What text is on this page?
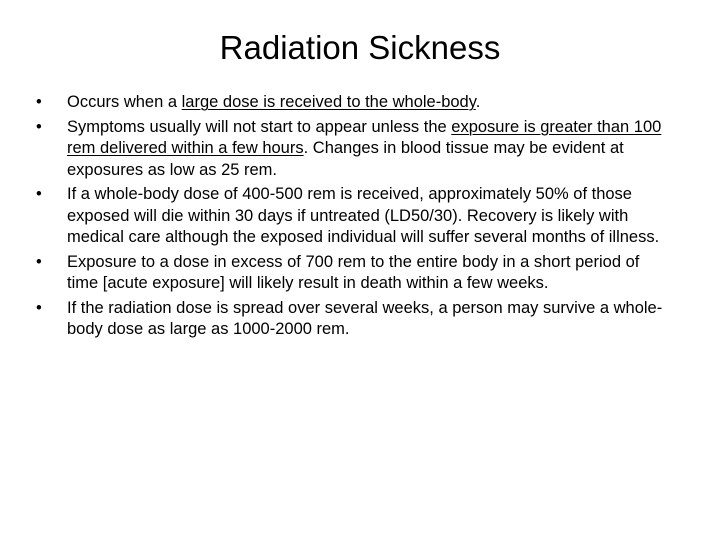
Radiation Sickness
•	Occurs when a large dose is received to the whole-body.
•	Symptoms usually will not start to appear unless the exposure is greater than 100 rem delivered within a few hours. Changes in blood tissue may be evident at exposures as low as 25 rem.
•	If a whole-body dose of 400-500 rem is received, approximately 50% of those exposed will die within 30 days if untreated (LD50/30). Recovery is likely with medical care although the exposed individual will suffer several months of illness.
•	Exposure to a dose in excess of 700 rem to the entire body in a short period of time [acute exposure] will likely result in death within a few weeks.
•	If the radiation dose is spread over several weeks, a person may survive a whole-body dose as large as 1000-2000 rem.
